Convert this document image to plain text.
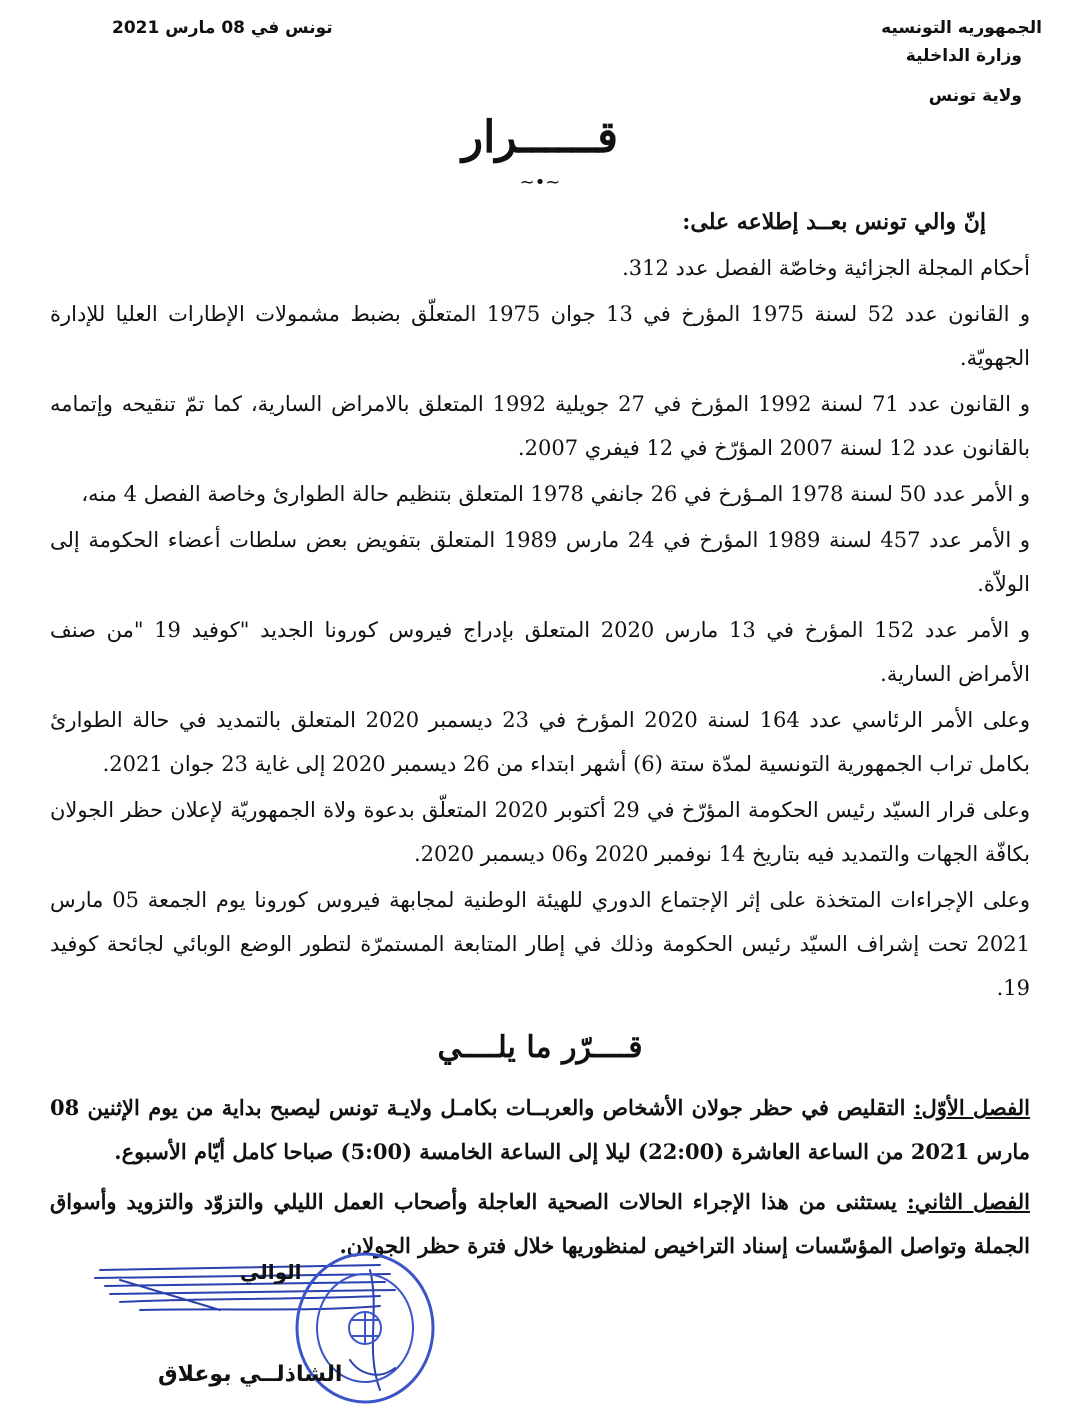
الجمهوريه التونسيه
وزارة الداخلية
ولاية تونس
تونس في 08 مارس 2021
قــــــرار
~•~

إنّ والي تونس بعــد إطلاعه على:

أحكام المجلة الجزائية وخاصّة الفصل عدد 312.

و القانون عدد 52 لسنة 1975 المؤرخ في 13 جوان 1975 المتعلّق بضبط مشمولات الإطارات العليا للإدارة الجهويّة.

و القانون عدد 71 لسنة 1992 المؤرخ في 27 جويلية 1992 المتعلق بالامراض السارية، كما تمّ تنقيحه وإتمامه بالقانون عدد 12 لسنة 2007 المؤرّخ في 12 فيفري 2007.

و الأمر عدد 50 لسنة 1978 المـؤرخ في 26 جانفي 1978 المتعلق بتنظيم حالة الطوارئ وخاصة الفصل 4 منه،

و الأمر عدد 457 لسنة 1989 المؤرخ في 24 مارس 1989 المتعلق بتفويض بعض سلطات أعضاء الحكومة إلى الولاّة.

و الأمر عدد 152 المؤرخ في 13 مارس 2020 المتعلق بإدراج فيروس كورونا الجديد "كوفيد 19 "من صنف الأمراض السارية.

وعلى الأمر الرئاسي عدد 164 لسنة 2020 المؤرخ في 23 ديسمبر 2020 المتعلق بالتمديد في حالة الطوارئ بكامل تراب الجمهورية التونسية لمدّة ستة (6) أشهر ابتداء من 26 ديسمبر 2020 إلى غاية 23 جوان 2021.

وعلى قرار السيّد رئيس الحكومة المؤرّخ في 29 أكتوبر 2020 المتعلّق بدعوة ولاة الجمهوريّة لإعلان حظر الجولان بكافّة الجهات والتمديد فيه بتاريخ 14 نوفمبر 2020 و06 ديسمبر 2020.

وعلى الإجراءات المتخذة على إثر الإجتماع الدوري للهيئة الوطنية لمجابهة فيروس كورونا يوم الجمعة 05 مارس 2021 تحت إشراف السيّد رئيس الحكومة وذلك في إطار المتابعة المستمرّة لتطور الوضع الوبائي لجائحة كوفيد 19.

قــــرّر ما يلــــي

الفصل الأوّل: التقليص في حظر جولان الأشخاص والعربــات بكامـل ولايـة تونس ليصبح بداية من يوم الإثنين 08 مارس 2021 من الساعة العاشرة (22:00) ليلا إلى الساعة الخامسة (5:00) صباحا كامل أيّام الأسبوع.

الفصل الثاني: يستثنى من هذا الإجراء الحالات الصحية العاجلة وأصحاب العمل الليلي والتزوّد والتزويد وأسواق الجملة وتواصل المؤسّسات إسناد التراخيص لمنظوريها خلال فترة حظر الجولان.

الوالي
الشاذلــي بوعلاق
